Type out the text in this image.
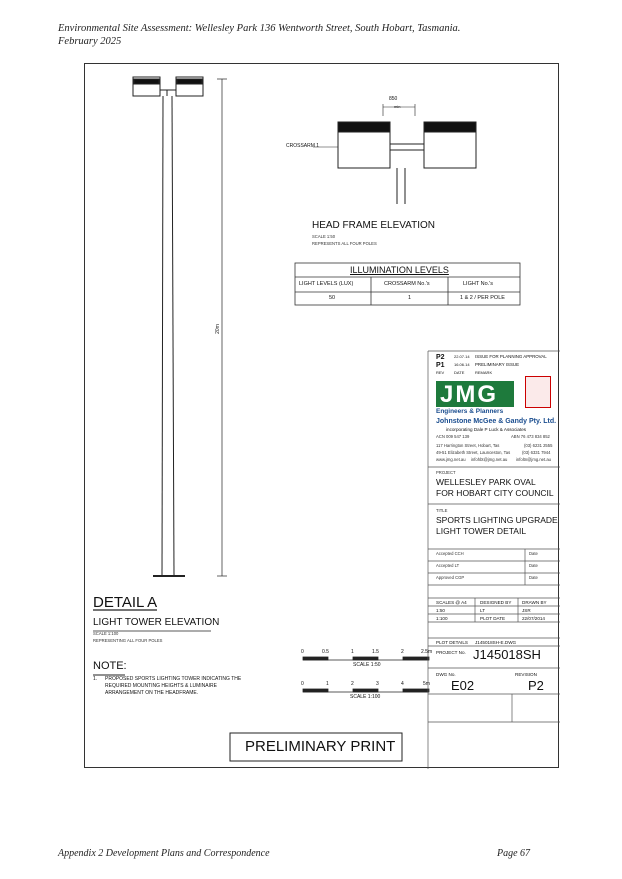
Environmental Site Assessment: Wellesley Park 136 Wentworth Street, South Hobart, Tasmania.
February 2025
Appendix 2 Development Plans and Correspondence	Page 67
20m
850
min
CROSSARM 1
HEAD FRAME ELEVATION
SCALE 1:50
REPRESENTS ALL FOUR POLES
ILLUMINATION LEVELS
LIGHT LEVELS (LUX)	CROSSARM No.'s	LIGHT No.'s
50	1	1 & 2 / PER POLE
DETAIL A
LIGHT TOWER ELEVATION
SCALE 1:100
REPRESENTING ALL FOUR POLES
NOTE:
1. PROPOSED SPORTS LIGHTING TOWER INDICATING THE
REQUIRED MOUNTING HEIGHTS & LUMINAIRE
ARRANGEMENT ON THE HEADFRAME.
0	0.5	1	1.5	2	2.5m
SCALE 1:50
0	1	2	3	4	5m
SCALE 1:100
PRELIMINARY PRINT
P2 22.07.14 ISSUE FOR PLANNING APPROVAL
P1 16.06.14 PRELIMINARY ISSUE
REV DATE	REMARK
JMG
Engineers & Planners
Johnstone McGee & Gandy Pty. Ltd.
incorporating Dale P Luck & Associates
ACN 009 547 139	ABN 76 473 834 852
117 Harrington Street, Hobart, Tas	(03) 6231 2555
49-51 Elizabeth Street, Launceston, Tas	(03) 6331 7944
www.jmg.net.au infohbt@jmg.net.au infoltn@jmg.net.au
PROJECT
WELLESLEY PARK OVAL
FOR HOBART CITY COUNCIL
TITLE
SPORTS LIGHTING UPGRADE
LIGHT TOWER DETAIL
Accepted CCH	Date
Accepted LT	Date
Approved CGP	Date
SCALES @ A4	DESIGNED BY DRAWN BY
1:50	LT	JSR
1:100	PLOT DATE	22/07/2014
PLOT DETAILS J145018SH-E.DWG
PROJECT No. J145018SH
DWG No.
E02
REVISION
P2
